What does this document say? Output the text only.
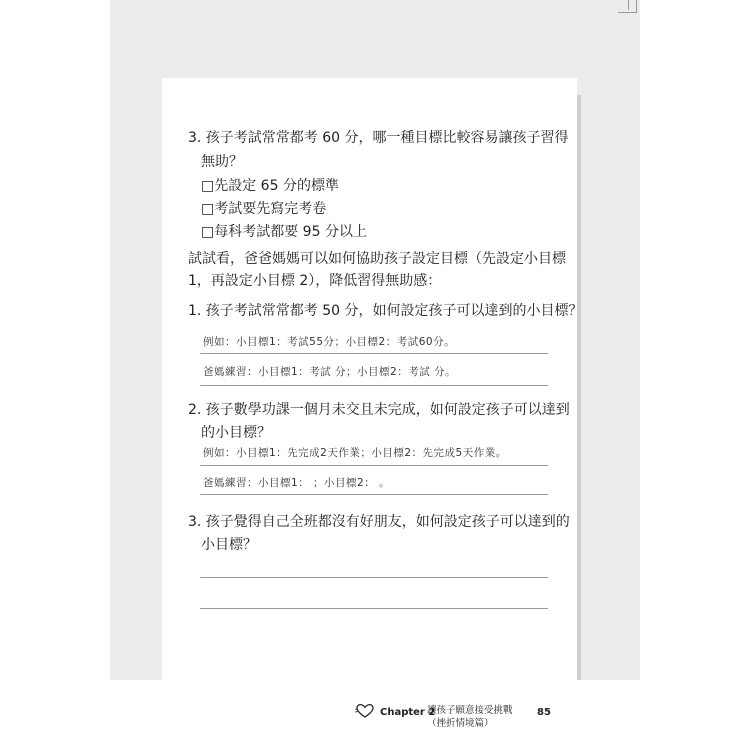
3. 孩子考試常常都考 60 分，哪一種目標比較容易讓孩子習得
無助？
□先設定 65 分的標準
□考試要先寫完考卷
□每科考試都要 95 分以上
試試看，爸爸媽媽可以如何協助孩子設定目標（先設定小目標
1，再設定小目標 2），降低習得無助感：
1. 孩子考試常常都考 50 分，如何設定孩子可以達到的小目標？
例如：小目標1：考試55分；小目標2：考試60分。
爸媽練習：小目標1：考試 分；小目標2：考試 分。
2. 孩子數學功課一個月未交且未完成，如何設定孩子可以達到
的小目標？
例如：小目標1：先完成2天作業；小目標2：先完成5天作業。
爸媽練習：小目標1： ；小目標2： 。
3. 孩子覺得自己全班都沒有好朋友，如何設定孩子可以達到的
小目標？
Chapter 2
讓孩子願意接受挑戰
（挫折情境篇）
85
